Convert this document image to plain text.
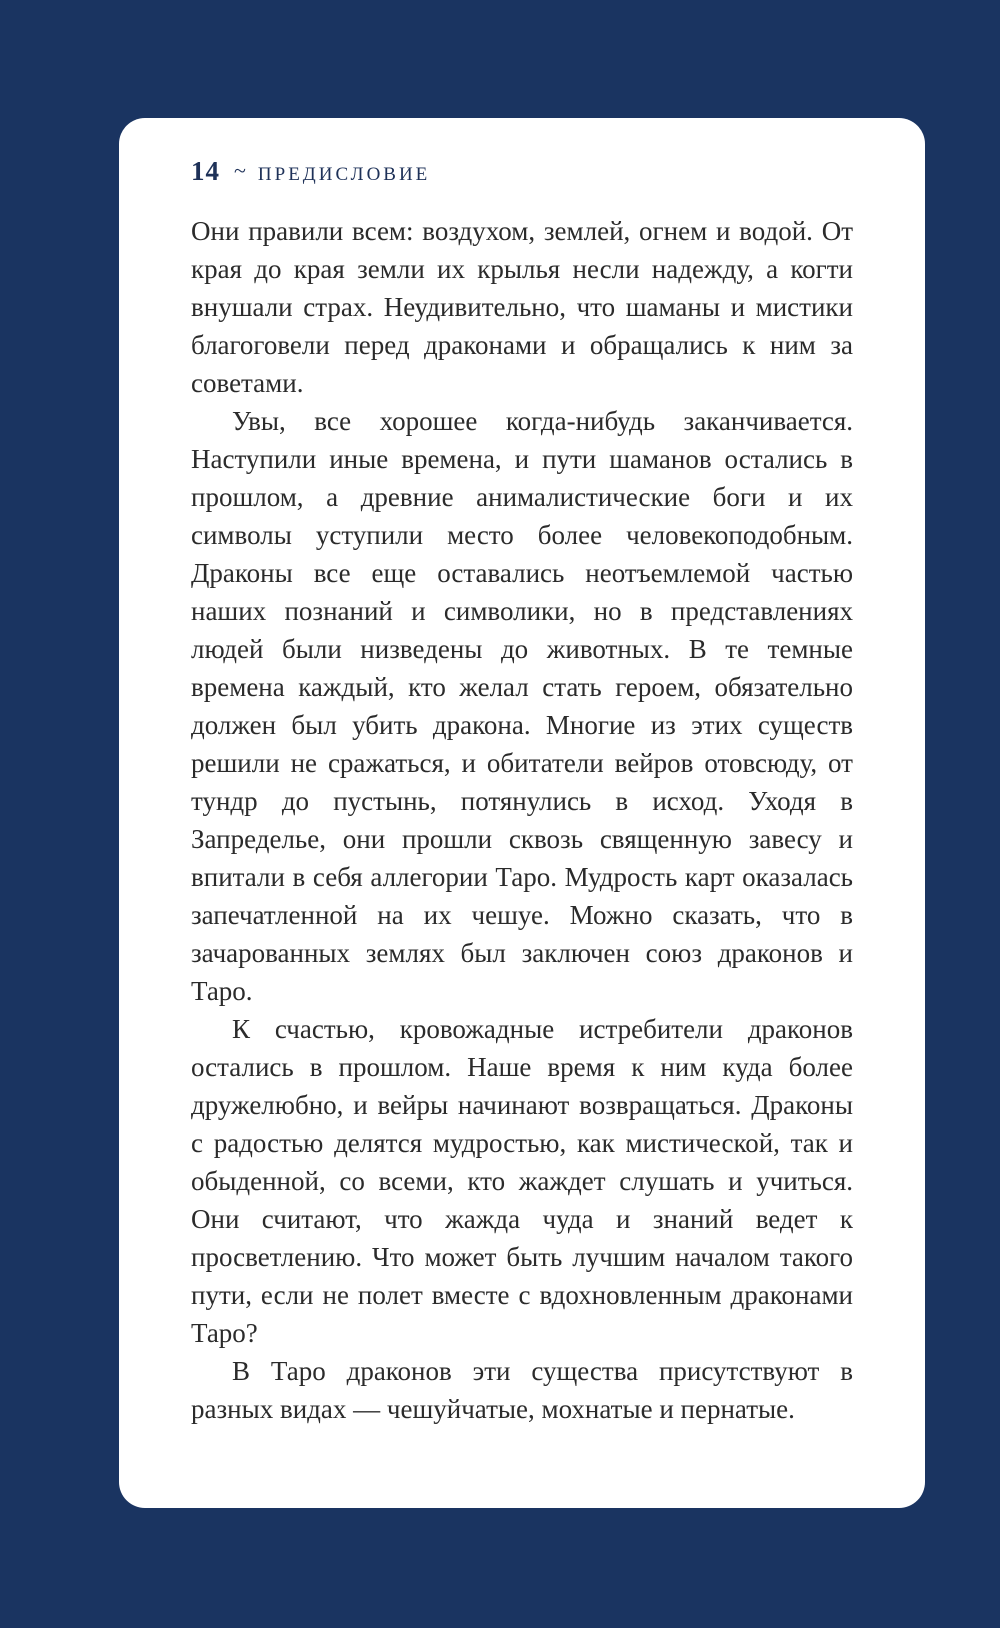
14 ~ ПРЕДИСЛОВИЕ

Они правили всем: воздухом, землей, огнем и водой. От края до края земли их крылья несли надежду, а когти внушали страх. Неудивительно, что шаманы и мистики благоговели перед драконами и обращались к ним за советами.

Увы, все хорошее когда-нибудь заканчивается. Наступили иные времена, и пути шаманов остались в прошлом, а древние анималистические боги и их символы уступили место более человекоподобным. Драконы все еще оставались неотъемлемой частью наших познаний и символики, но в представлениях людей были низведены до животных. В те темные времена каждый, кто желал стать героем, обязательно должен был убить дракона. Многие из этих существ решили не сражаться, и обитатели вейров отовсюду, от тундр до пустынь, потянулись в исход. Уходя в Запределье, они прошли сквозь священную завесу и впитали в себя аллегории Таро. Мудрость карт оказалась запечатленной на их чешуе. Можно сказать, что в зачарованных землях был заключен союз драконов и Таро.

К счастью, кровожадные истребители драконов остались в прошлом. Наше время к ним куда более дружелюбно, и вейры начинают возвращаться. Драконы с радостью делятся мудростью, как мистической, так и обыденной, со всеми, кто жаждет слушать и учиться. Они считают, что жажда чуда и знаний ведет к просветлению. Что может быть лучшим началом такого пути, если не полет вместе с вдохновленным драконами Таро?

В Таро драконов эти существа присутствуют в разных видах — чешуйчатые, мохнатые и пернатые.
